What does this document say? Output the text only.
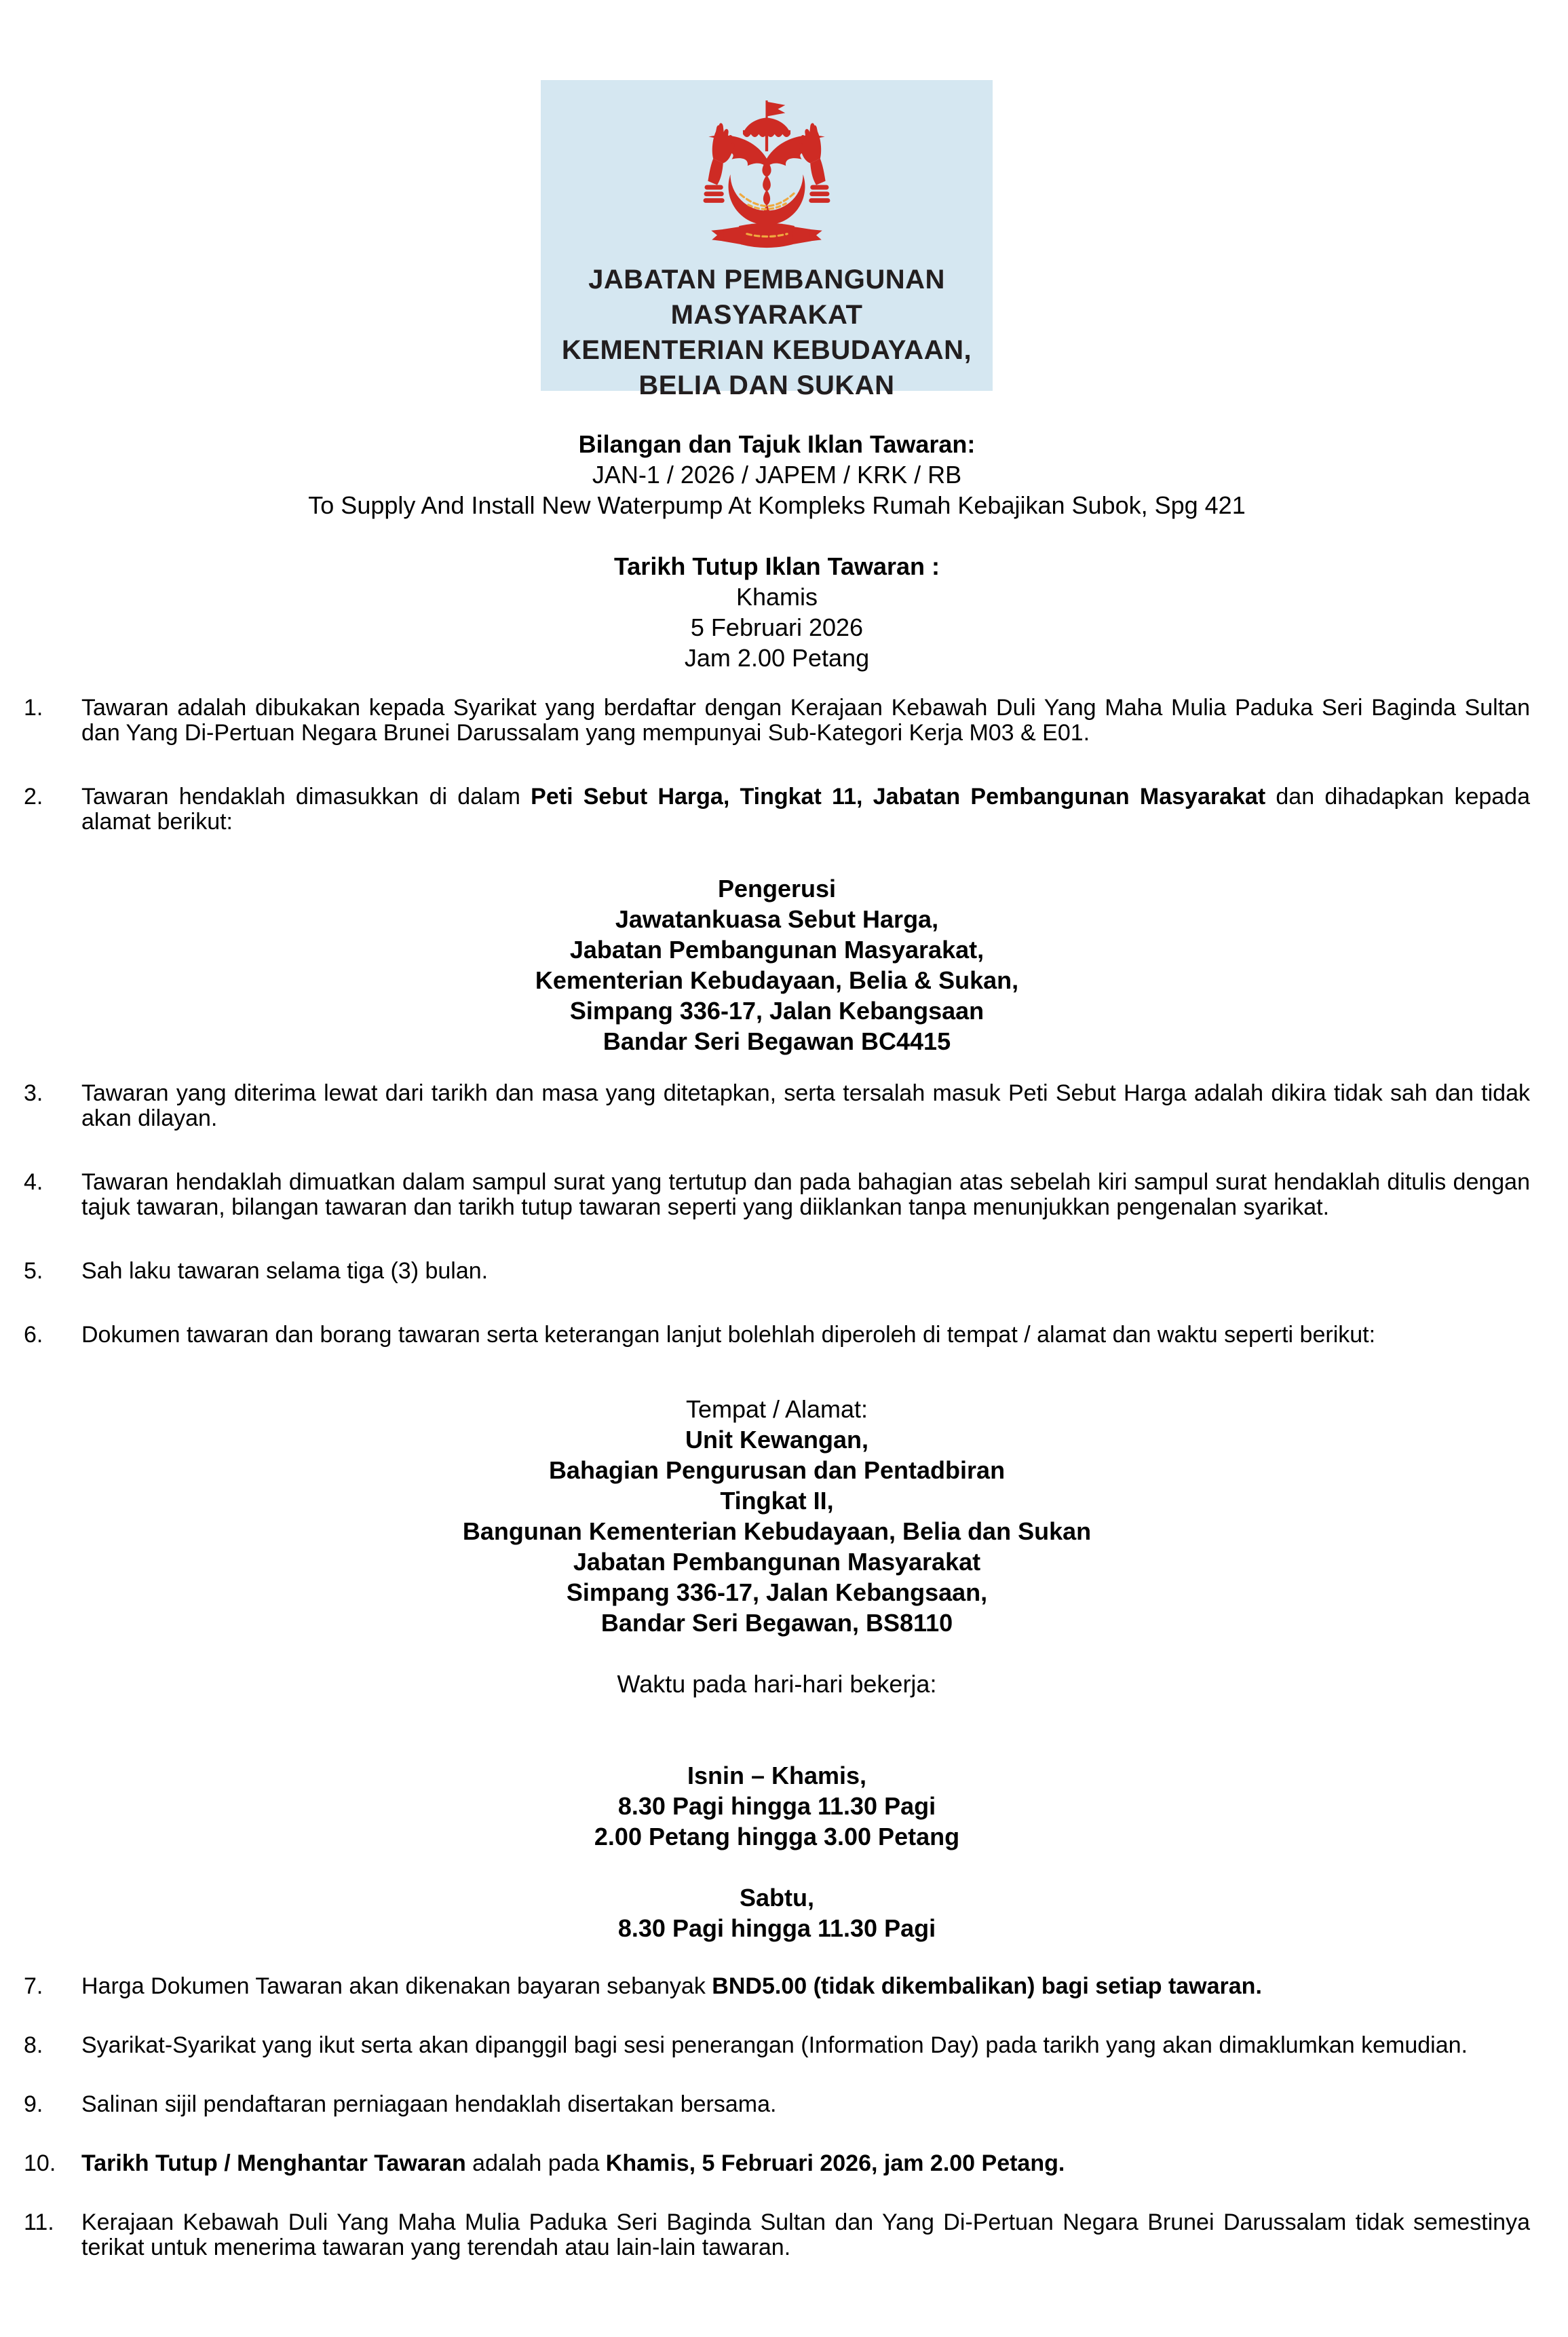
JABATAN PEMBANGUNAN
MASYARAKAT
KEMENTERIAN KEBUDAYAAN,
BELIA DAN SUKAN
Bilangan dan Tajuk Iklan Tawaran:
JAN-1 / 2026 / JAPEM / KRK / RB
To Supply And Install New Waterpump At Kompleks Rumah Kebajikan Subok, Spg 421
Tarikh Tutup Iklan Tawaran :
Khamis
5 Februari 2026
Jam 2.00 Petang
1.	Tawaran adalah dibukakan kepada Syarikat yang berdaftar dengan Kerajaan Kebawah Duli Yang Maha Mulia Paduka Seri Baginda Sultan dan Yang Di-Pertuan Negara Brunei Darussalam yang mempunyai Sub-Kategori Kerja M03 & E01.
2.	Tawaran hendaklah dimasukkan di dalam Peti Sebut Harga, Tingkat 11, Jabatan Pembangunan Masyarakat dan dihadapkan kepada alamat berikut:
Pengerusi
Jawatankuasa Sebut Harga,
Jabatan Pembangunan Masyarakat,
Kementerian Kebudayaan, Belia & Sukan,
Simpang 336-17, Jalan Kebangsaan
Bandar Seri Begawan BC4415
3.	Tawaran yang diterima lewat dari tarikh dan masa yang ditetapkan, serta tersalah masuk Peti Sebut Harga adalah dikira tidak sah dan tidak akan dilayan.
4.	Tawaran hendaklah dimuatkan dalam sampul surat yang tertutup dan pada bahagian atas sebelah kiri sampul surat hendaklah ditulis dengan tajuk tawaran, bilangan tawaran dan tarikh tutup tawaran seperti yang diiklankan tanpa menunjukkan pengenalan syarikat.
5.	Sah laku tawaran selama tiga (3) bulan.
6.	Dokumen tawaran dan borang tawaran serta keterangan lanjut bolehlah diperoleh di tempat / alamat dan waktu seperti berikut:
Tempat / Alamat:
Unit Kewangan,
Bahagian Pengurusan dan Pentadbiran
Tingkat II,
Bangunan Kementerian Kebudayaan, Belia dan Sukan
Jabatan Pembangunan Masyarakat
Simpang 336-17, Jalan Kebangsaan,
Bandar Seri Begawan, BS8110
Waktu pada hari-hari bekerja:
Isnin – Khamis,
8.30 Pagi hingga 11.30 Pagi
2.00 Petang hingga 3.00 Petang
Sabtu,
8.30 Pagi hingga 11.30 Pagi
7.	Harga Dokumen Tawaran akan dikenakan bayaran sebanyak BND5.00 (tidak dikembalikan) bagi setiap tawaran.
8.	Syarikat-Syarikat yang ikut serta akan dipanggil bagi sesi penerangan (Information Day) pada tarikh yang akan dimaklumkan kemudian.
9.	Salinan sijil pendaftaran perniagaan hendaklah disertakan bersama.
10.	Tarikh Tutup / Menghantar Tawaran adalah pada Khamis, 5 Februari 2026, jam 2.00 Petang.
11.	Kerajaan Kebawah Duli Yang Maha Mulia Paduka Seri Baginda Sultan dan Yang Di-Pertuan Negara Brunei Darussalam tidak semestinya terikat untuk menerima tawaran yang terendah atau lain-lain tawaran.
